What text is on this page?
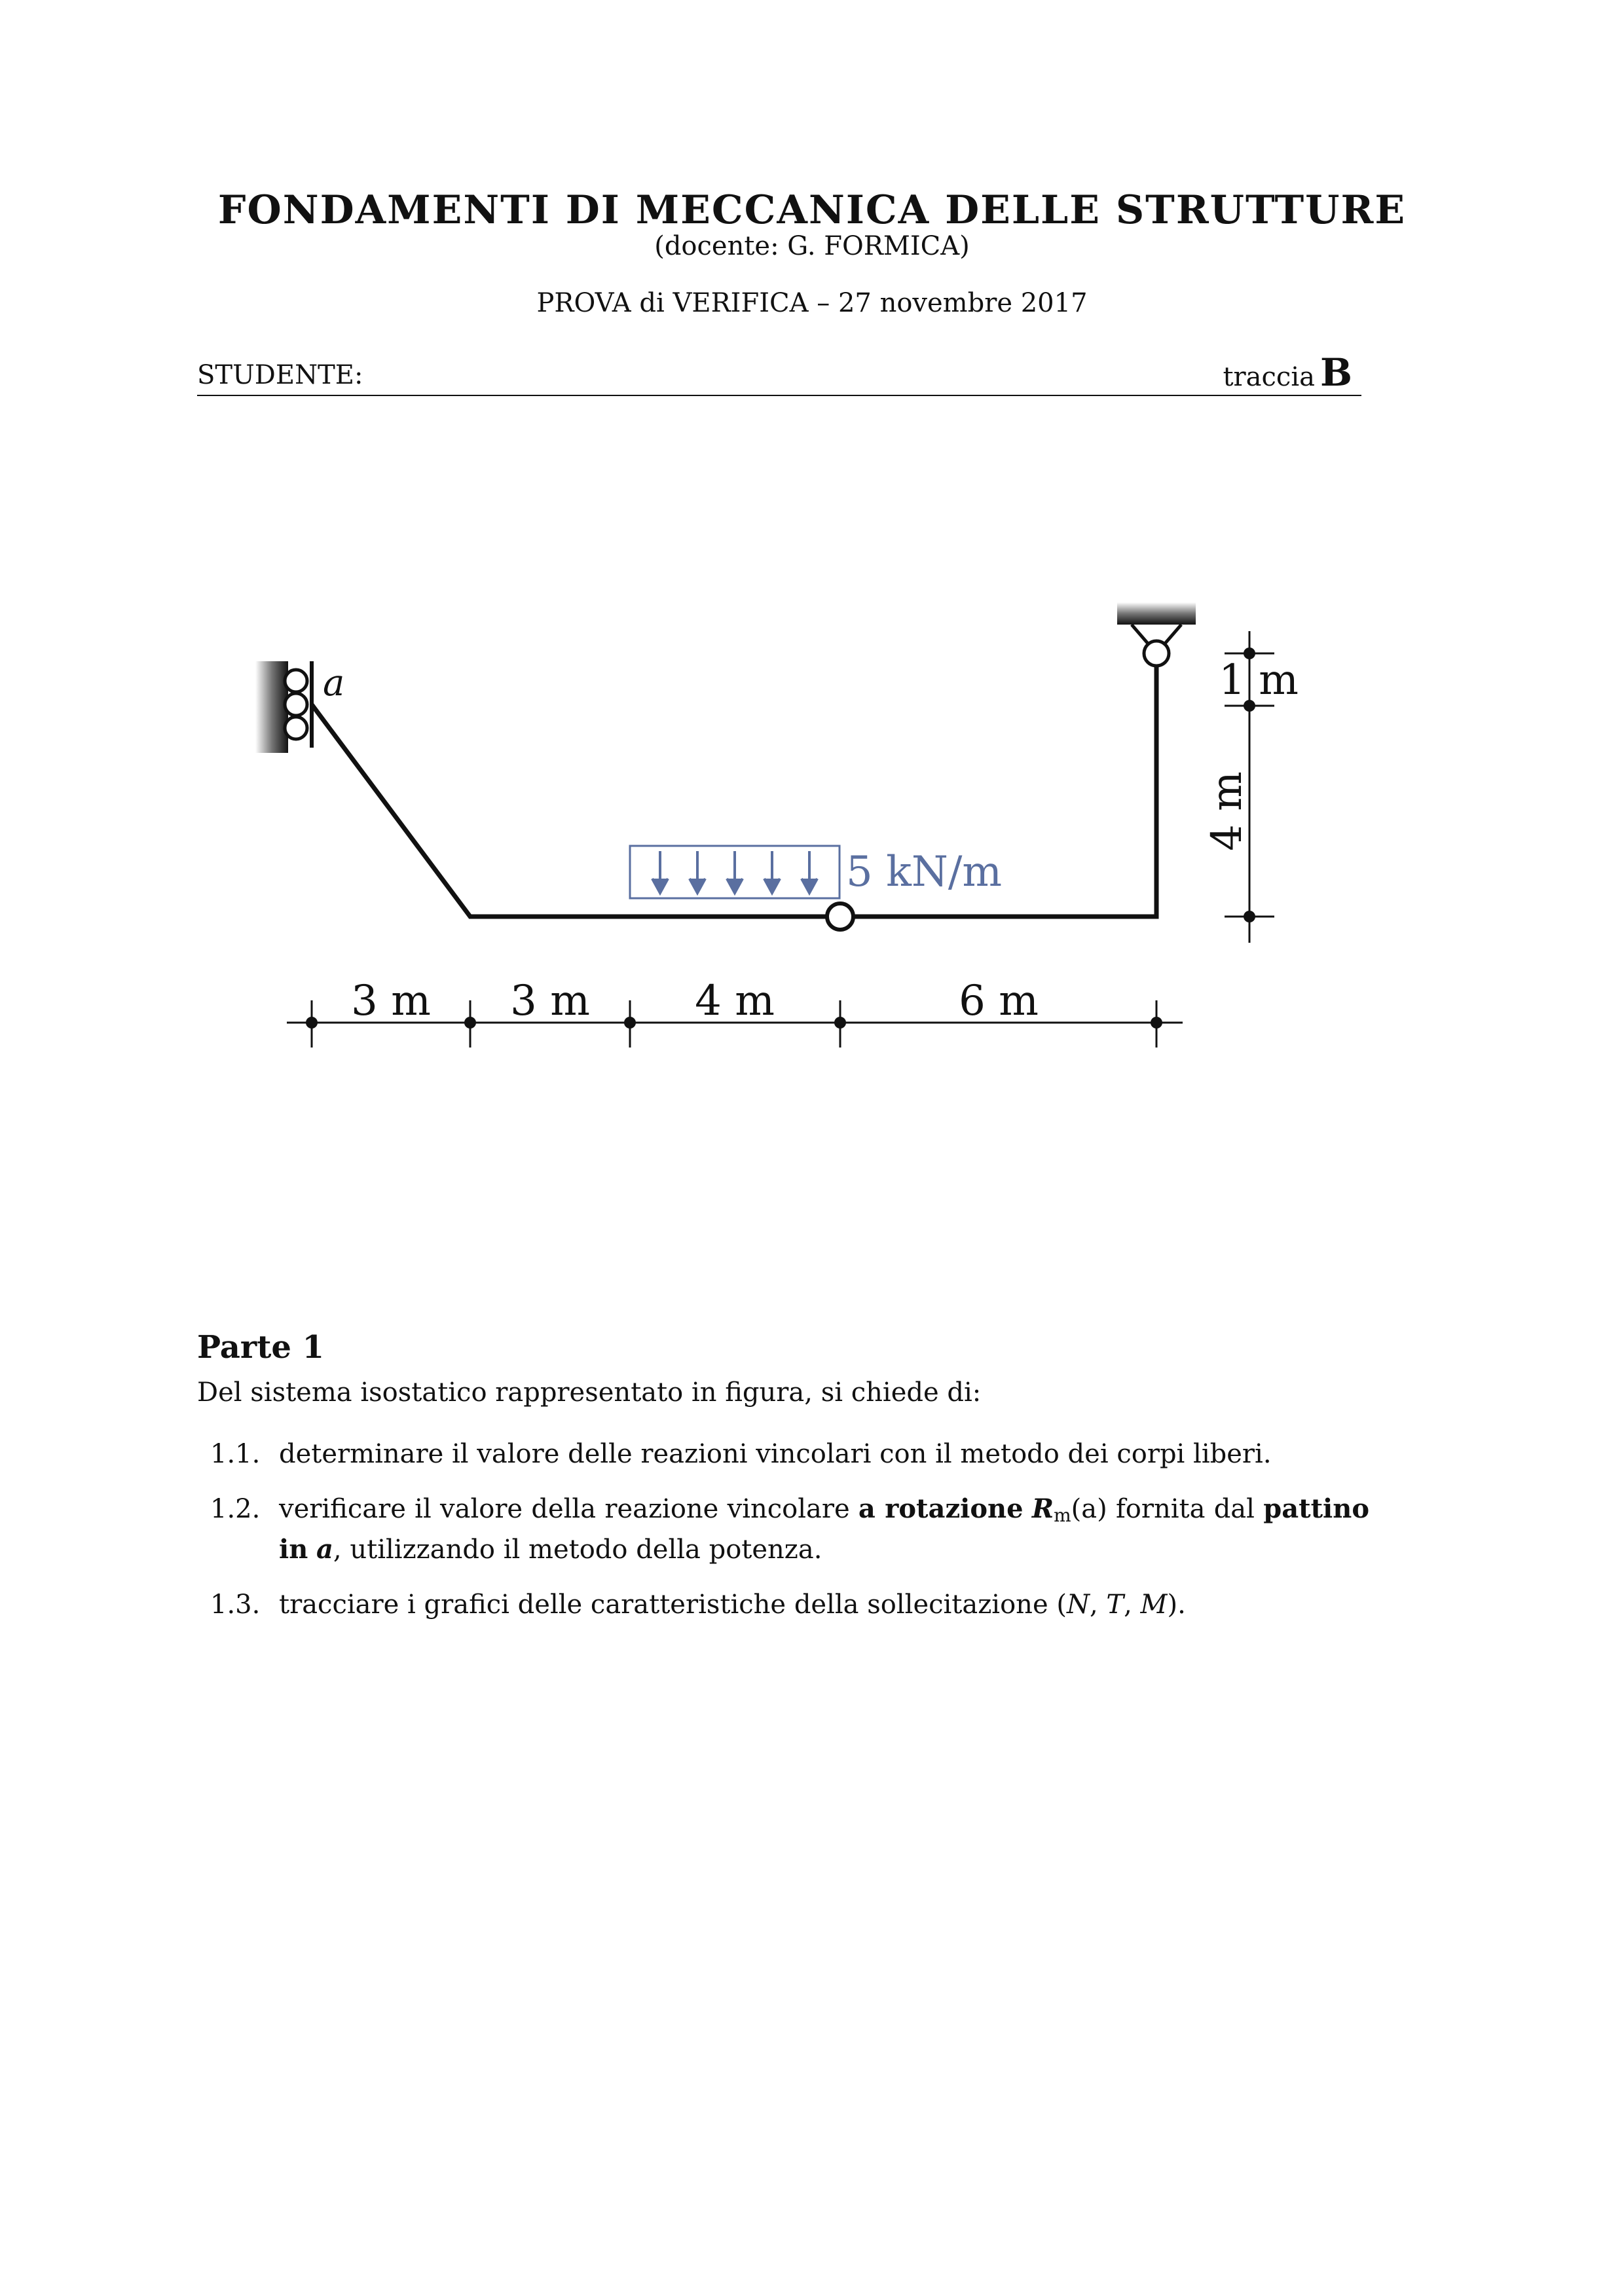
FONDAMENTI DI MECCANICA DELLE STRUTTURE
(docente: G. FORMICA)
PROVA di VERIFICA – 27 novembre 2017
STUDENTE:	traccia B
a
5 kN/m
3 m 3 m	4 m	6 m
1 m
4 m
Parte 1
Del sistema isostatico rappresentato in figura, si chiede di:
1.1. determinare il valore delle reazioni vincolari con il metodo dei corpi liberi.
1.2. verificare il valore della reazione vincolare a rotazione $R_m(a)$ fornita dal pattino in a, utilizzando il metodo della potenza.
1.3. tracciare i grafici delle caratteristiche della sollecitazione (N, T, M).
